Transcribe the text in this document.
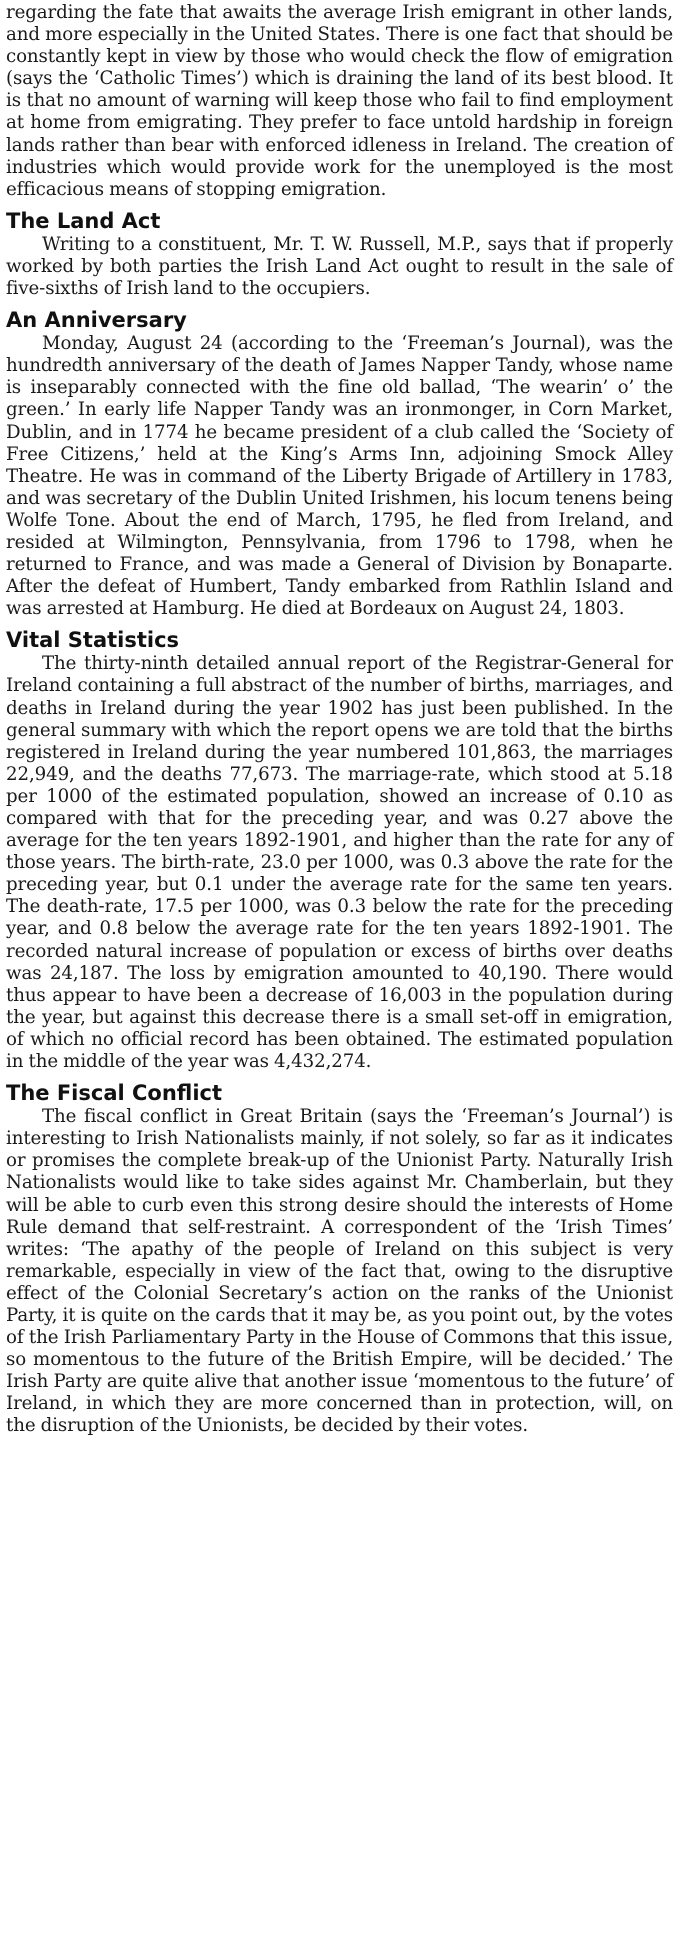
regarding the fate that awaits the average Irish emigrant in other lands, and more especially in the United States. There is one fact that should be constantly kept in view by those who would check the flow of emigration (says the ‘Catholic Times’) which is draining the land of its best blood. It is that no amount of warning will keep those who fail to find employment at home from emigrating. They prefer to face untold hardship in foreign lands rather than bear with enforced idleness in Ireland. The creation of industries which would provide work for the unemployed is the most efficacious means of stopping emigration.

The Land Act

Writing to a constituent, Mr. T. W. Russell, M.P., says that if properly worked by both parties the Irish Land Act ought to result in the sale of five-sixths of Irish land to the occupiers.

An Anniversary

Monday, August 24 (according to the ‘Freeman’s Journal), was the hundredth anniversary of the death of James Napper Tandy, whose name is inseparably connected with the fine old ballad, ‘The wearin’ o’ the green.’ In early life Napper Tandy was an ironmonger, in Corn Market, Dublin, and in 1774 he became president of a club called the ‘Society of Free Citizens,’ held at the King’s Arms Inn, adjoining Smock Alley Theatre. He was in command of the Liberty Brigade of Artillery in 1783, and was secretary of the Dublin United Irishmen, his locum tenens being Wolfe Tone. About the end of March, 1795, he fled from Ireland, and resided at Wilmington, Pennsylvania, from 1796 to 1798, when he returned to France, and was made a General of Division by Bonaparte. After the defeat of Humbert, Tandy embarked from Rathlin Island and was arrested at Hamburg. He died at Bordeaux on August 24, 1803.

Vital Statistics

The thirty-ninth detailed annual report of the Registrar-General for Ireland containing a full abstract of the number of births, marriages, and deaths in Ireland during the year 1902 has just been published. In the general summary with which the report opens we are told that the births registered in Ireland during the year numbered 101,863, the marriages 22,949, and the deaths 77,673. The marriage-rate, which stood at 5.18 per 1000 of the estimated population, showed an increase of 0.10 as compared with that for the preceding year, and was 0.27 above the average for the ten years 1892-1901, and higher than the rate for any of those years. The birth-rate, 23.0 per 1000, was 0.3 above the rate for the preceding year, but 0.1 under the average rate for the same ten years. The death-rate, 17.5 per 1000, was 0.3 below the rate for the preceding year, and 0.8 below the average rate for the ten years 1892-1901. The recorded natural increase of population or excess of births over deaths was 24,187. The loss by emigration amounted to 40,190. There would thus appear to have been a decrease of 16,003 in the population during the year, but against this decrease there is a small set-off in emigration, of which no official record has been obtained. The estimated population in the middle of the year was 4,432,274.

The Fiscal Conflict

The fiscal conflict in Great Britain (says the ‘Freeman’s Journal’) is interesting to Irish Nationalists mainly, if not solely, so far as it indicates or promises the complete break-up of the Unionist Party. Naturally Irish Nationalists would like to take sides against Mr. Chamberlain, but they will be able to curb even this strong desire should the interests of Home Rule demand that self-restraint. A correspondent of the ‘Irish Times’ writes: ‘The apathy of the people of Ireland on this subject is very remarkable, especially in view of the fact that, owing to the disruptive effect of the Colonial Secretary’s action on the ranks of the Unionist Party, it is quite on the cards that it may be, as you point out, by the votes of the Irish Parliamentary Party in the House of Commons that this issue, so momentous to the future of the British Empire, will be decided.’ The Irish Party are quite alive that another issue ‘momentous to the future’ of Ireland, in which they are more concerned than in protection, will, on the disruption of the Unionists, be decided by their votes.
